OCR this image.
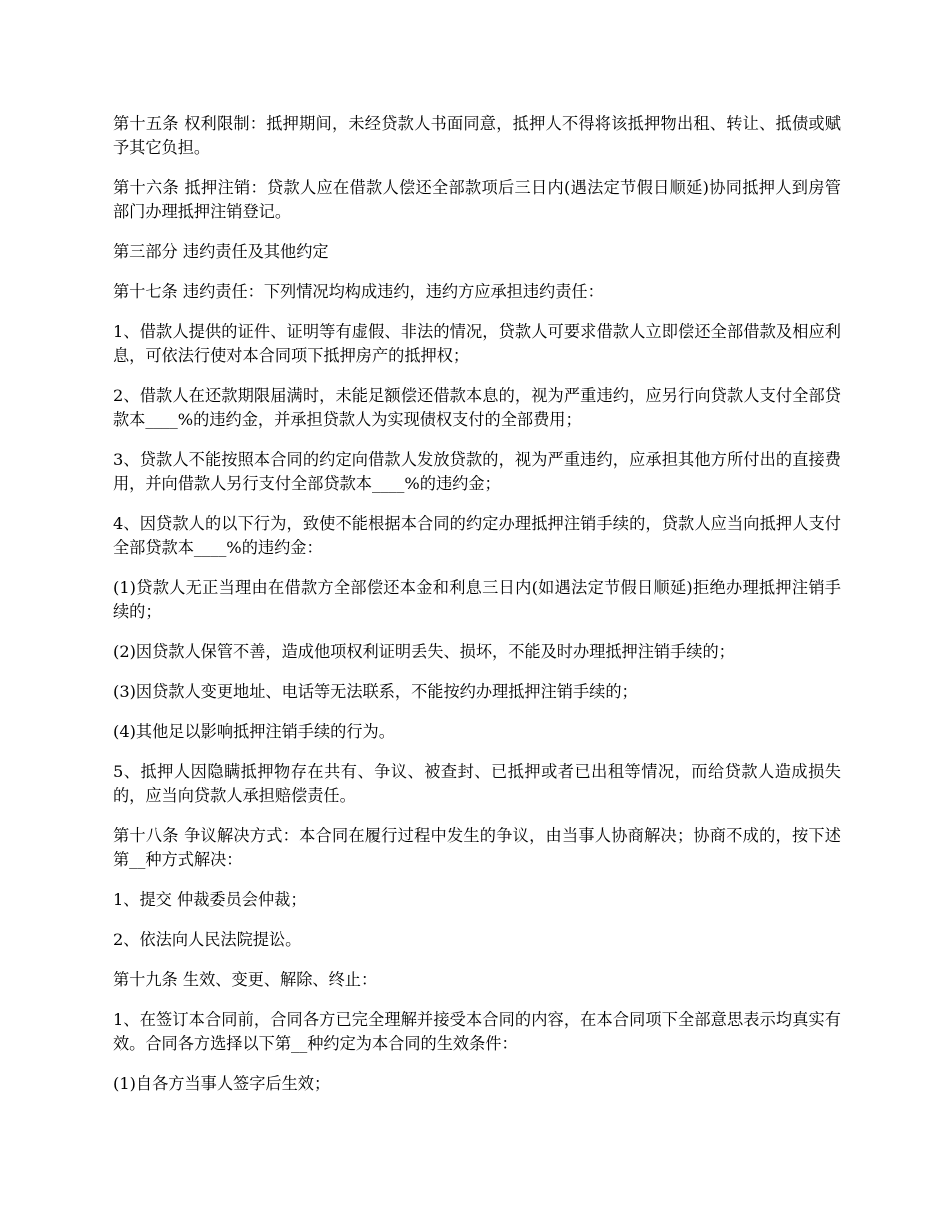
第十五条 权利限制：抵押期间，未经贷款人书面同意，抵押人不得将该抵押物出租、转让、抵债或赋予其它负担。

第十六条 抵押注销：贷款人应在借款人偿还全部款项后三日内(遇法定节假日顺延)协同抵押人到房管部门办理抵押注销登记。

第三部分 违约责任及其他约定

第十七条 违约责任：下列情况均构成违约，违约方应承担违约责任：

1、借款人提供的证件、证明等有虚假、非法的情况，贷款人可要求借款人立即偿还全部借款及相应利息，可依法行使对本合同项下抵押房产的抵押权；

2、借款人在还款期限届满时，未能足额偿还借款本息的，视为严重违约，应另行向贷款人支付全部贷款本____%的违约金，并承担贷款人为实现债权支付的全部费用；

3、贷款人不能按照本合同的约定向借款人发放贷款的，视为严重违约，应承担其他方所付出的直接费用，并向借款人另行支付全部贷款本____%的违约金；

4、因贷款人的以下行为，致使不能根据本合同的约定办理抵押注销手续的，贷款人应当向抵押人支付全部贷款本____%的违约金：

(1)贷款人无正当理由在借款方全部偿还本金和利息三日内(如遇法定节假日顺延)拒绝办理抵押注销手续的；

(2)因贷款人保管不善，造成他项权利证明丢失、损坏，不能及时办理抵押注销手续的；

(3)因贷款人变更地址、电话等无法联系，不能按约办理抵押注销手续的；

(4)其他足以影响抵押注销手续的行为。

5、抵押人因隐瞒抵押物存在共有、争议、被查封、已抵押或者已出租等情况，而给贷款人造成损失的，应当向贷款人承担赔偿责任。

第十八条 争议解决方式：本合同在履行过程中发生的争议，由当事人协商解决；协商不成的，按下述第__种方式解决：

1、提交 仲裁委员会仲裁；

2、依法向人民法院提讼。

第十九条 生效、变更、解除、终止：

1、在签订本合同前，合同各方已完全理解并接受本合同的内容，在本合同项下全部意思表示均真实有效。合同各方选择以下第__种约定为本合同的生效条件：

(1)自各方当事人签字后生效；
